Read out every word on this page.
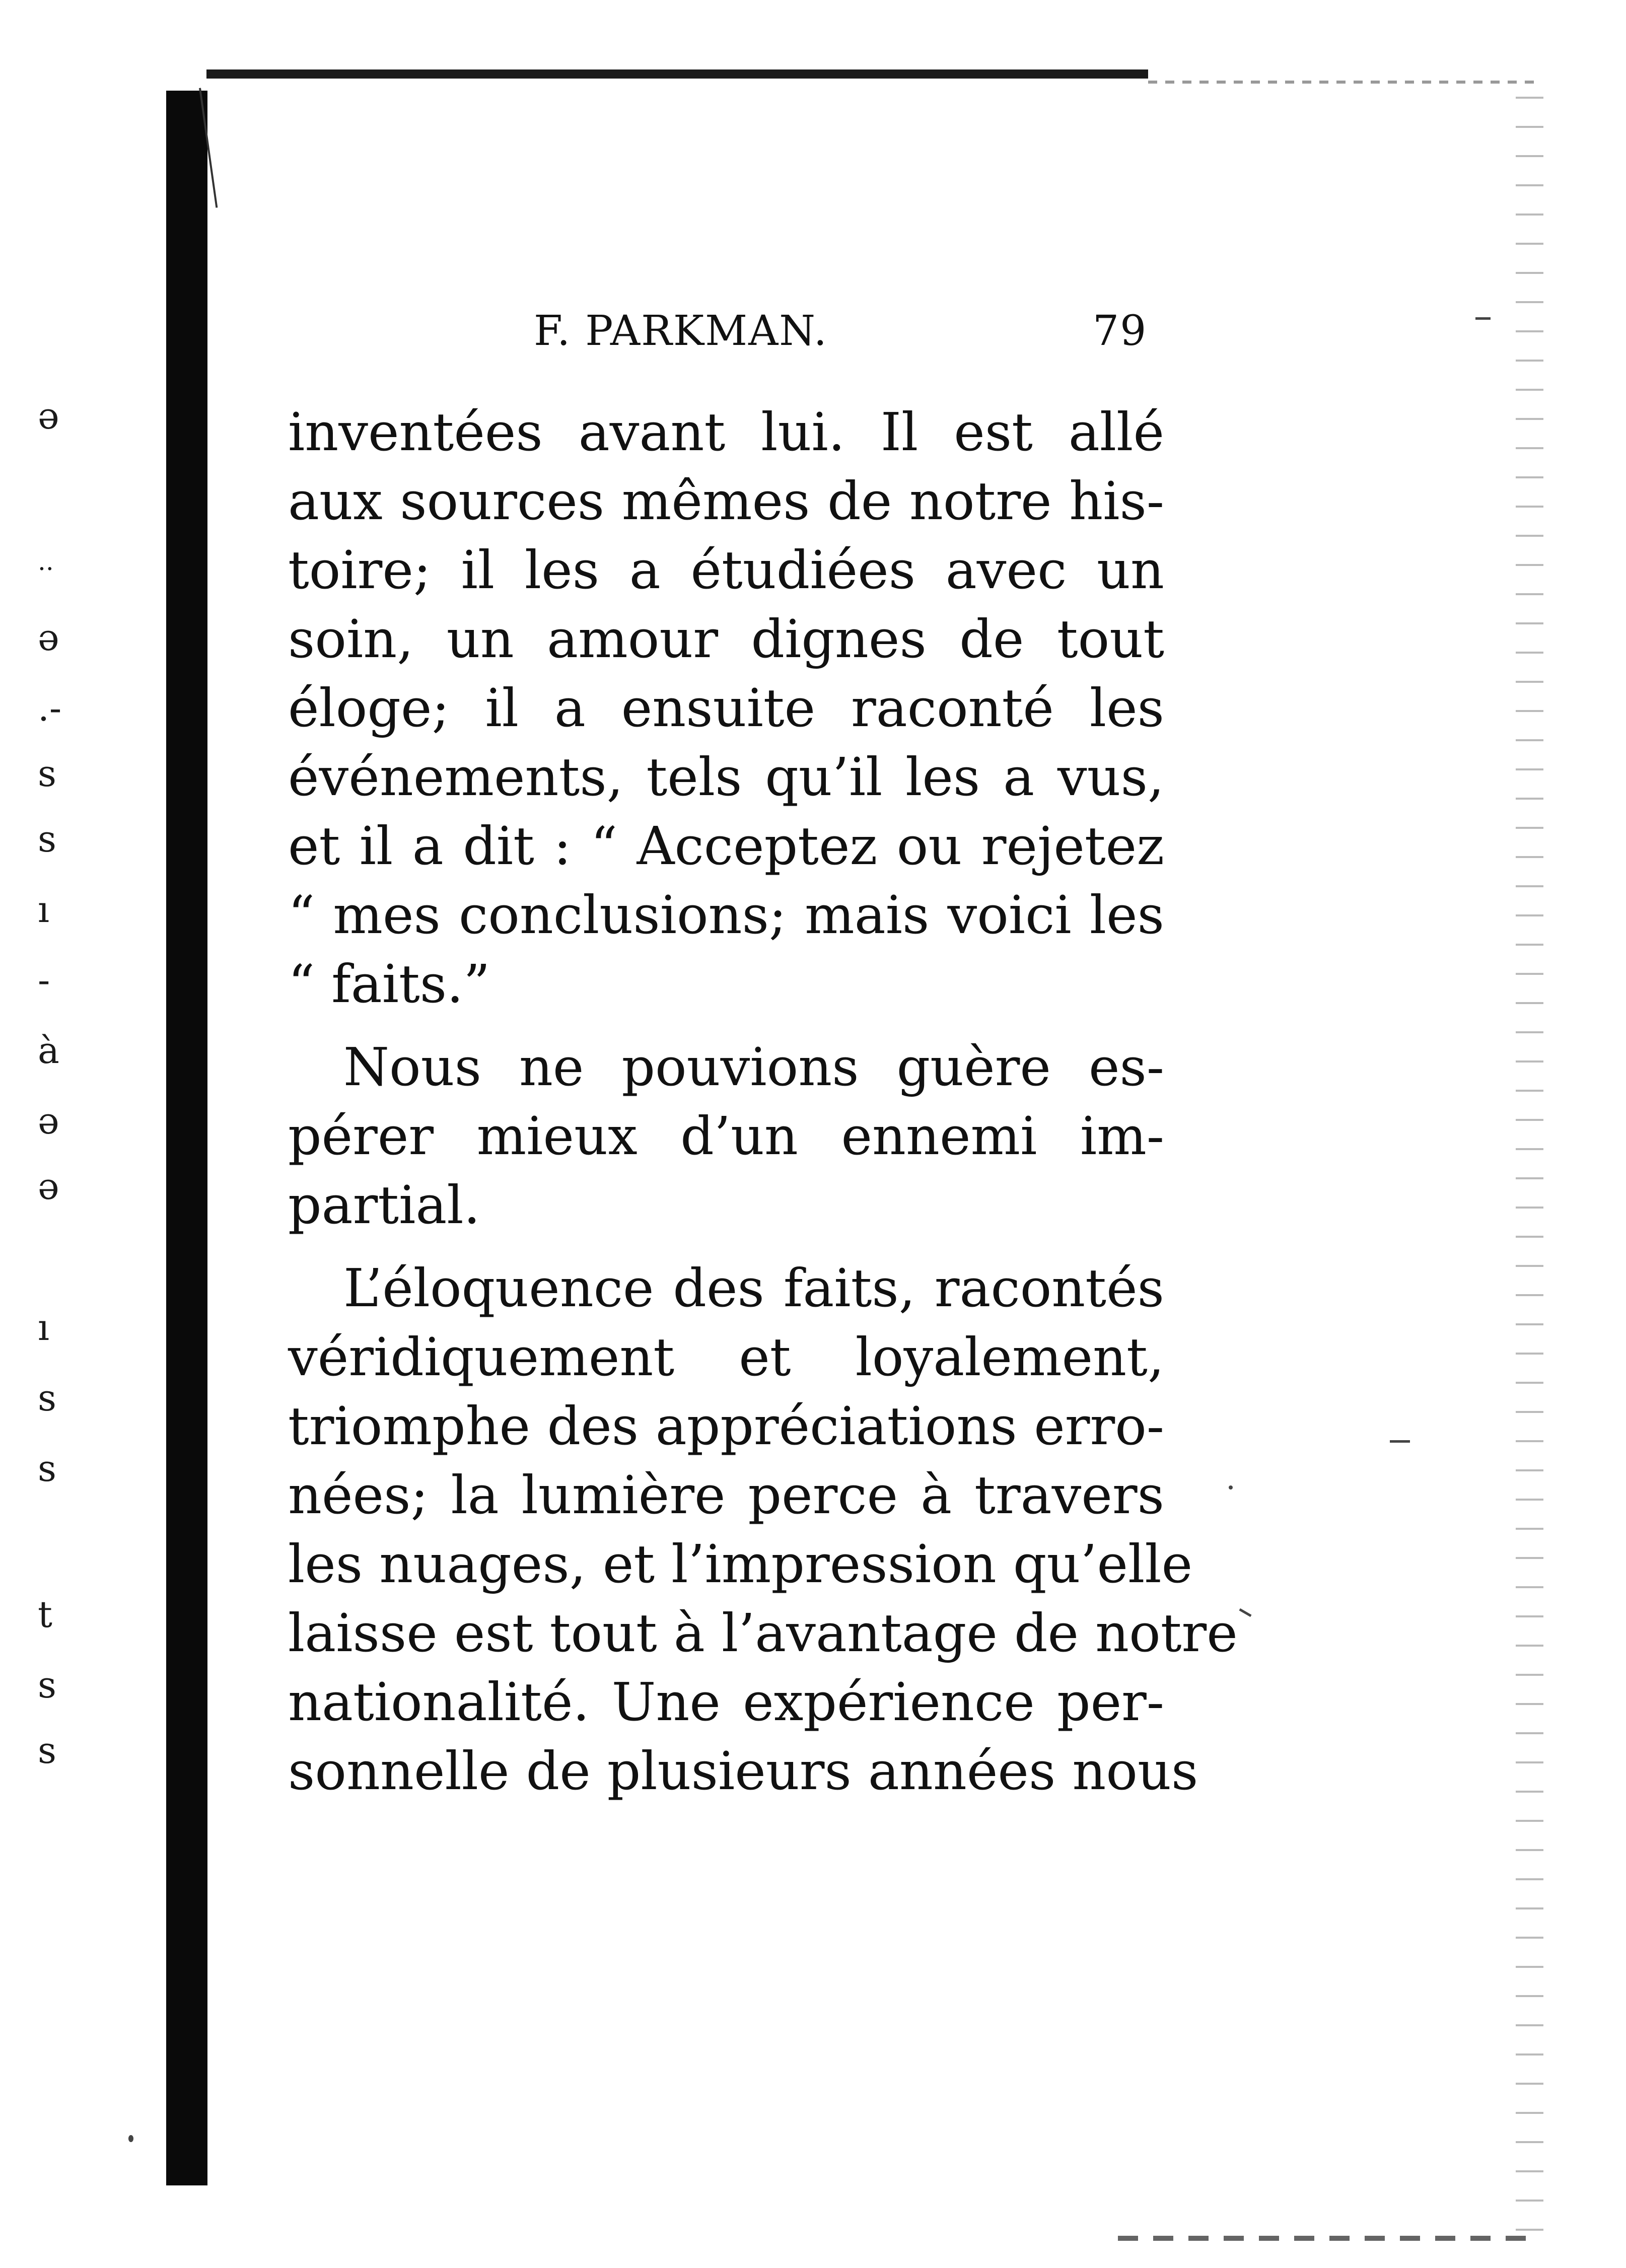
ə
..
ə
.-
s
s
ı
-
à
ə
ə
ı
s
s
t
s
s
F. PARKMAN.	79

inventées avant lui. Il est allé
aux sources mêmes de notre his-
toire; il les a étudiées avec un
soin, un amour dignes de tout
éloge; il a ensuite raconté les
événements, tels qu’il les a vus,
et il a dit : “ Acceptez ou rejetez
“ mes conclusions; mais voici les
“ faits.”

Nous ne pouvions guère es-
pérer mieux d’un ennemi im-
partial.

L’éloquence des faits, racontés
véridiquement et loyalement,
triomphe des appréciations erro-
nées; la lumière perce à travers
les nuages, et l’impression qu’elle
laisse est tout à l’avantage de notre
nationalité. Une expérience per-
sonnelle de plusieurs années nous
